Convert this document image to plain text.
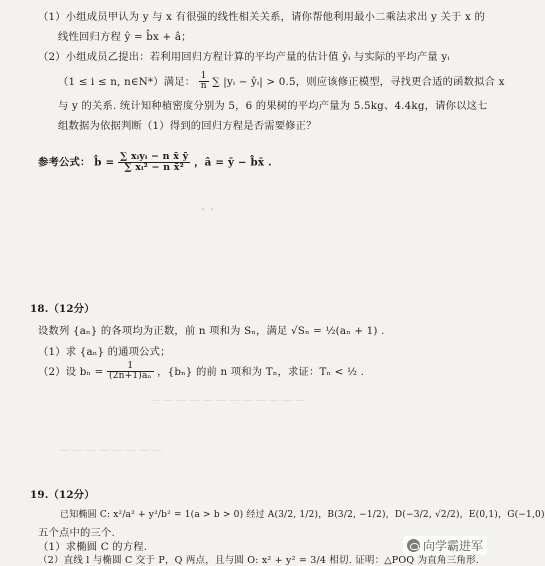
• •
— — — — — — — — — — — —
— — — — — — — —
（1）小组成员甲认为 y 与 x 有很强的线性相关关系，请你帮他利用最小二乘法求出 y 关于 x 的
线性回归方程 ŷ = b̂x + â；
（2）小组成员乙提出：若利用回归方程计算的平均产量的估计值 ŷᵢ 与实际的平均产量 yᵢ
（1 ≤ i ≤ n, n∈N*）满足： $\frac{1}{n}$ ∑ |yᵢ − ŷᵢ| > 0.5，则应该修正模型，寻找更合适的函数拟合 x
与 y 的关系. 统计知种植密度分别为 5，6 的果树的平均产量为 5.5kg、4.4kg，请你以这七
组数据为依据判断（1）得到的回归方程是否需要修正？
参考公式： b̂ = $\frac{\text{∑ xᵢyᵢ − n x̄ ȳ}}{\text{∑ xᵢ² − n x̄²}}$ ，â = ȳ − b̂x̄ .
18.（12分）
设数列 {aₙ} 的各项均为正数，前 n 项和为 Sₙ，满足 √Sₙ = ½(aₙ + 1) .
（1）求 {aₙ} 的通项公式；
（2）设 $b_n = \frac{1}{\text{(2n+1)aₙ}}$ ，{bₙ} 的前 n 项和为 Tₙ，求证：Tₙ < ½ .
19.（12分）
已知椭圆 C: x²/a² + y²/b² = 1(a > b > 0) 经过 A(3/2, 1/2)，B(3/2, −1/2)，D(−3/2, √2/2)，E(0,1)，G(−1,0)
五个点中的三个.
（1）求椭圆 C 的方程.
（2）直线 l 与椭圆 C 交于 P，Q 两点，且与圆 O: x² + y² = 3/4 相切. 证明：△POQ 为直角三角形.
向学霸进军
